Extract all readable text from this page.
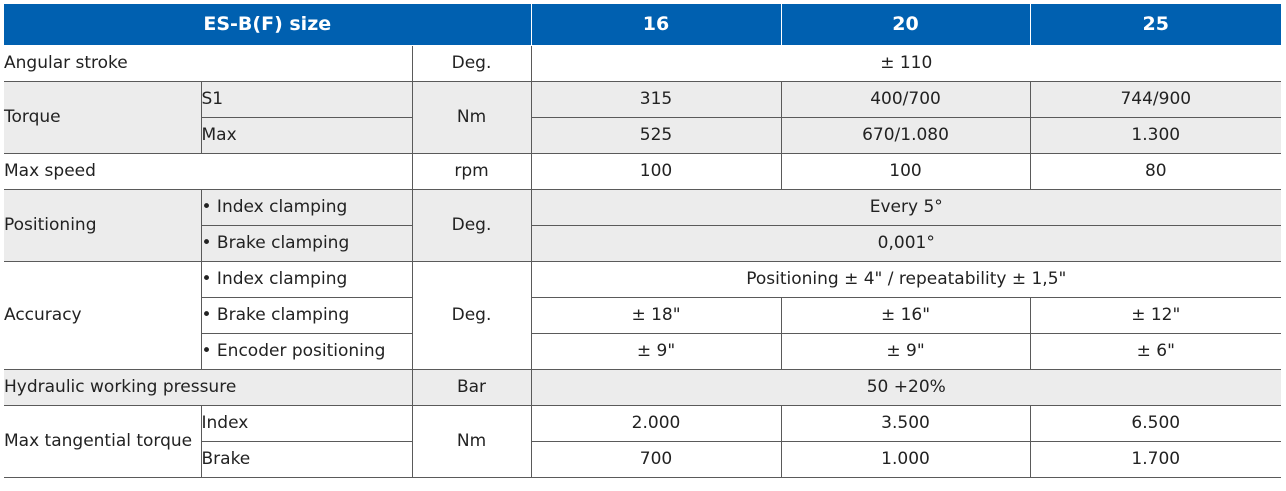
ES-B(F) size			16	20	25
Angular stroke		Deg.	± 110		
Torque	S1	Nm	315	400/700	744/900
	Max		525	670/1.080	1.300
Max speed		rpm	100	100	80
Positioning	• Index clamping	Deg.	Every 5°		
	• Brake clamping		0,001°		
Accuracy	• Index clamping	Deg.	Positioning ± 4" / repeatability ± 1,5"		
	• Brake clamping		± 18"	± 16"	± 12"
	• Encoder positioning		± 9"	± 9"	± 6"
Hydraulic working pressure		Bar	50 +20%		
Max tangential torque	Index	Nm	2.000	3.500	6.500
	Brake		700	1.000	1.700
